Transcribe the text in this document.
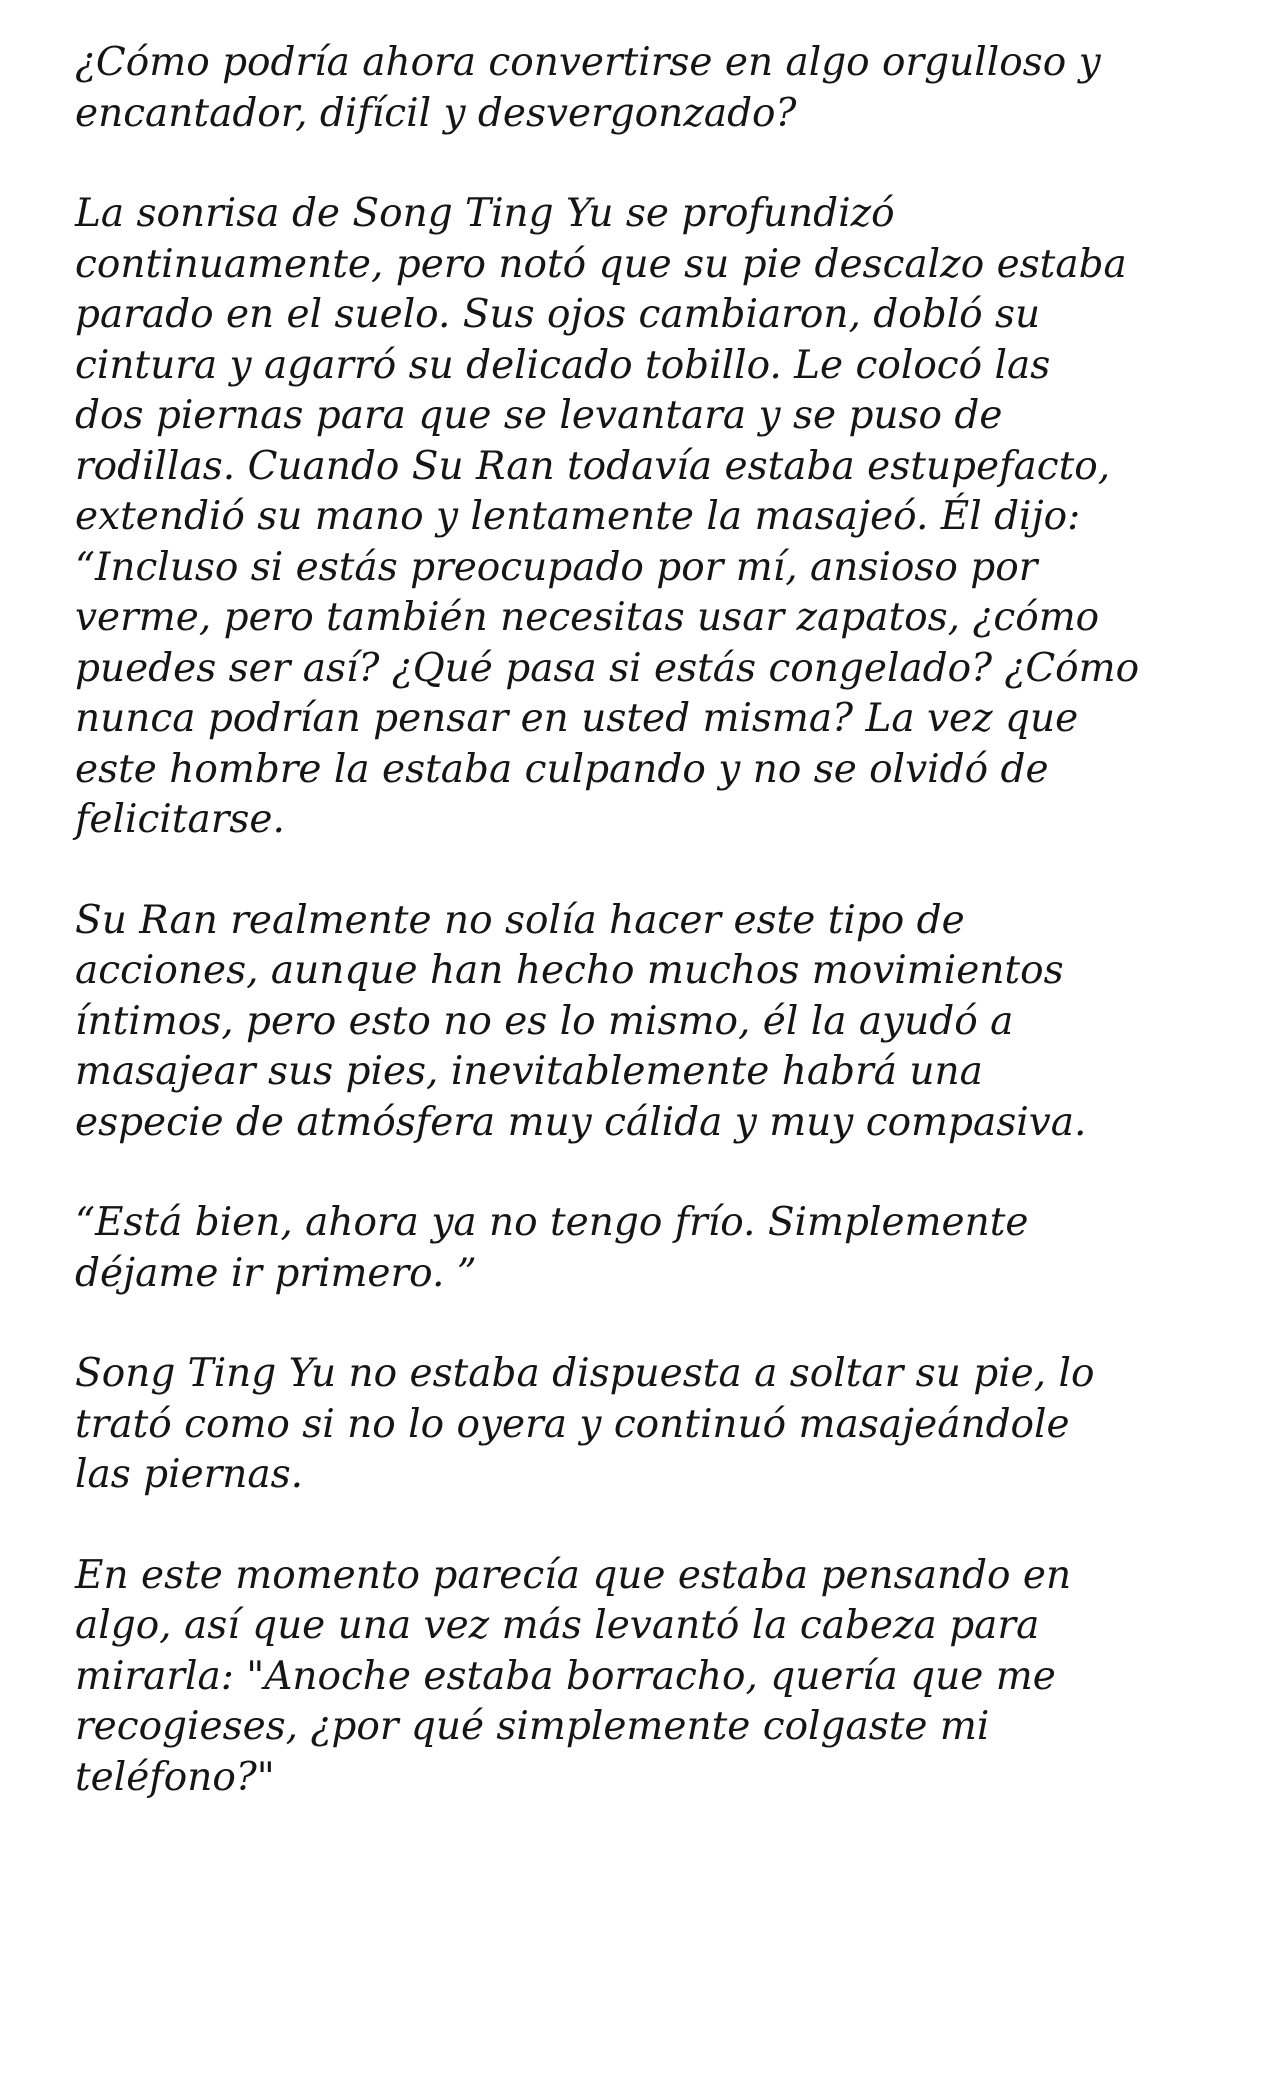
¿Cómo podría ahora convertirse en algo orgulloso y
encantador, difícil y desvergonzado?
La sonrisa de Song Ting Yu se profundizó
continuamente, pero notó que su pie descalzo estaba
parado en el suelo. Sus ojos cambiaron, dobló su
cintura y agarró su delicado tobillo. Le colocó las
dos piernas para que se levantara y se puso de
rodillas. Cuando Su Ran todavía estaba estupefacto,
extendió su mano y lentamente la masajeó. Él dijo:
“Incluso si estás preocupado por mí, ansioso por
verme, pero también necesitas usar zapatos, ¿cómo
puedes ser así? ¿Qué pasa si estás congelado? ¿Cómo
nunca podrían pensar en usted misma? La vez que
este hombre la estaba culpando y no se olvidó de
felicitarse.
Su Ran realmente no solía hacer este tipo de
acciones, aunque han hecho muchos movimientos
íntimos, pero esto no es lo mismo, él la ayudó a
masajear sus pies, inevitablemente habrá una
especie de atmósfera muy cálida y muy compasiva.
“Está bien, ahora ya no tengo frío. Simplemente
déjame ir primero. ”
Song Ting Yu no estaba dispuesta a soltar su pie, lo
trató como si no lo oyera y continuó masajeándole
las piernas.
En este momento parecía que estaba pensando en
algo, así que una vez más levantó la cabeza para
mirarla: "Anoche estaba borracho, quería que me
recogieses, ¿por qué simplemente colgaste mi
teléfono?"
